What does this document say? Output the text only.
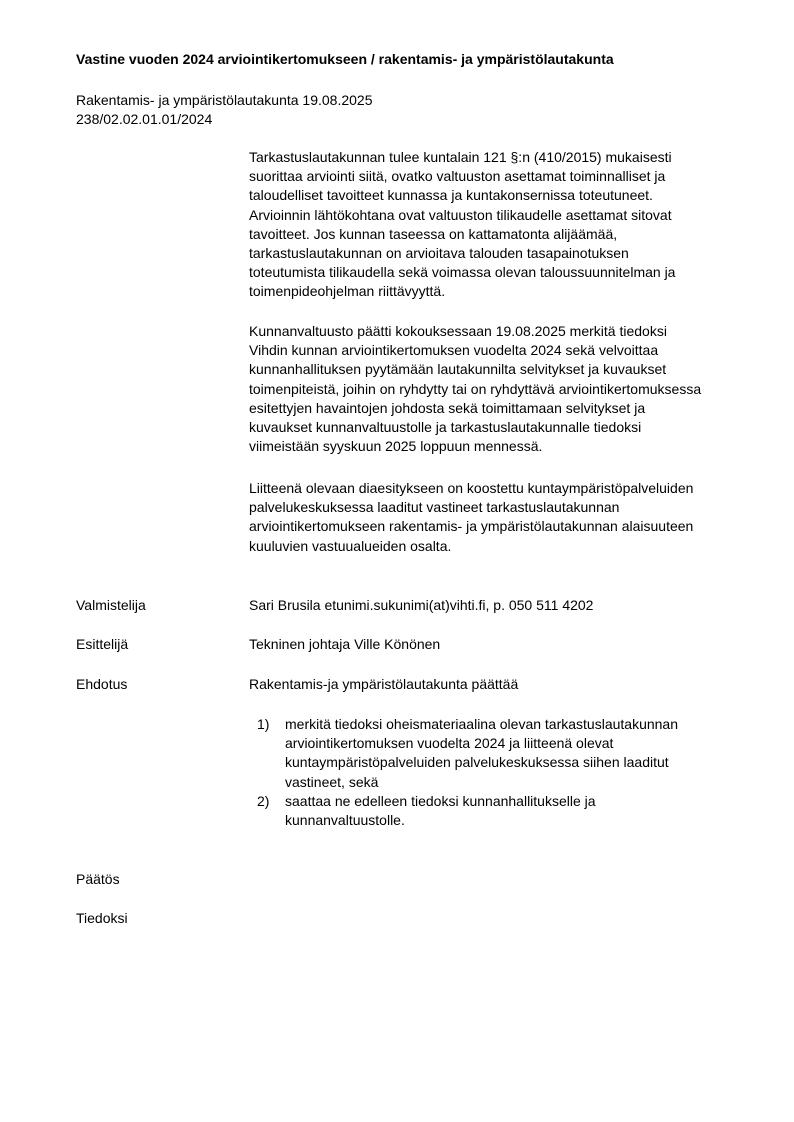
Vastine vuoden 2024 arviointikertomukseen / rakentamis- ja ympäristölautakunta
Rakentamis- ja ympäristölautakunta 19.08.2025
238/02.02.01.01/2024
Tarkastuslautakunnan tulee kuntalain 121 §:n (410/2015) mukaisesti
suorittaa arviointi siitä, ovatko valtuuston asettamat toiminnalliset ja
taloudelliset tavoitteet kunnassa ja kuntakonsernissa toteutuneet.
Arvioinnin lähtökohtana ovat valtuuston tilikaudelle asettamat sitovat
tavoitteet. Jos kunnan taseessa on kattamatonta alijäämää,
tarkastuslautakunnan on arvioitava talouden tasapainotuksen
toteutumista tilikaudella sekä voimassa olevan taloussuunnitelman ja
toimenpideohjelman riittävyyttä.
Kunnanvaltuusto päätti kokouksessaan 19.08.2025 merkitä tiedoksi
Vihdin kunnan arviointikertomuksen vuodelta 2024 sekä velvoittaa
kunnanhallituksen pyytämään lautakunnilta selvitykset ja kuvaukset
toimenpiteistä, joihin on ryhdytty tai on ryhdyttävä arviointikertomuksessa
esitettyjen havaintojen johdosta sekä toimittamaan selvitykset ja
kuvaukset kunnanvaltuustolle ja tarkastuslautakunnalle tiedoksi
viimeistään syyskuun 2025 loppuun mennessä.
Liitteenä olevaan diaesitykseen on koostettu kuntaympäristöpalveluiden
palvelukeskuksessa laaditut vastineet tarkastuslautakunnan
arviointikertomukseen rakentamis- ja ympäristölautakunnan alaisuuteen
kuuluvien vastuualueiden osalta.
Valmistelija	Sari Brusila etunimi.sukunimi(at)vihti.fi, p. 050 511 4202
Esittelijä	Tekninen johtaja Ville Könönen
Ehdotus	Rakentamis-ja ympäristölautakunta päättää
1)	merkitä tiedoksi oheismateriaalina olevan tarkastuslautakunnan
arviointikertomuksen vuodelta 2024 ja liitteenä olevat
kuntaympäristöpalveluiden palvelukeskuksessa siihen laaditut
vastineet, sekä
2)	saattaa ne edelleen tiedoksi kunnanhallitukselle ja
kunnanvaltuustolle.
Päätös
Tiedoksi
